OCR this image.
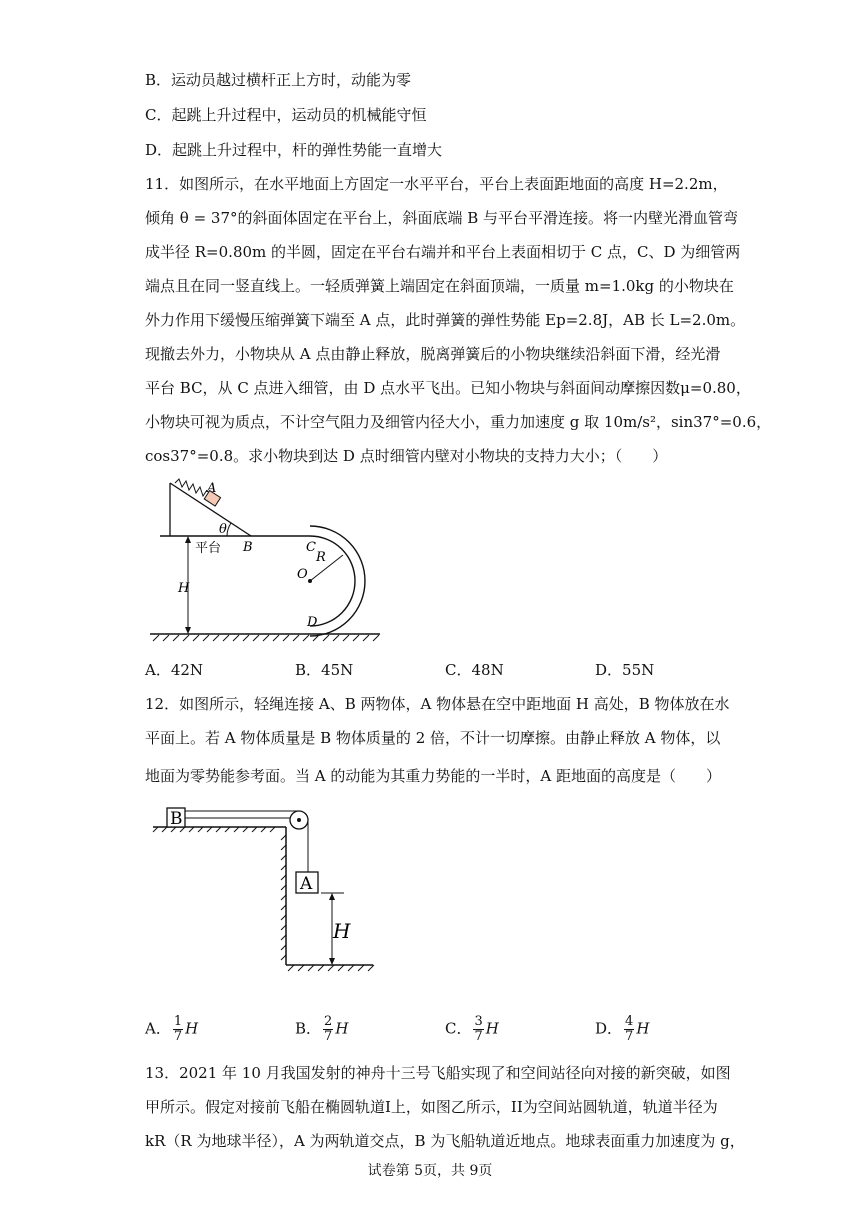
B．运动员越过横杆正上方时，动能为零
C．起跳上升过程中，运动员的机械能守恒
D．起跳上升过程中，杆的弹性势能一直增大
11．如图所示，在水平地面上方固定一水平平台，平台上表面距地面的高度 H=2.2m，
倾角 θ = 37°的斜面体固定在平台上，斜面底端 B 与平台平滑连接。将一内壁光滑血管弯
成半径 R=0.80m 的半圆，固定在平台右端并和平台上表面相切于 C 点，C、D 为细管两
端点且在同一竖直线上。一轻质弹簧上端固定在斜面顶端，一质量 m=1.0kg 的小物块在
外力作用下缓慢压缩弹簧下端至 A 点，此时弹簧的弹性势能 Ep=2.8J，AB 长 L=2.0m。
现撤去外力，小物块从 A 点由静止释放，脱离弹簧后的小物块继续沿斜面下滑，经光滑
平台 BC，从 C 点进入细管，由 D 点水平飞出。已知小物块与斜面间动摩擦因数μ=0.80，
小物块可视为质点，不计空气阻力及细管内径大小，重力加速度 g 取 10m/s²，sin37°=0.6，
cos37°=0.8。求小物块到达 D 点时细管内壁对小物块的支持力大小；（　　）
12．如图所示，轻绳连接 A、B 两物体，A 物体悬在空中距地面 H 高处，B 物体放在水
平面上。若 A 物体质量是 B 物体质量的 2 倍，不计一切摩擦。由静止释放 A 物体，以
地面为零势能参考面。当 A 的动能为其重力势能的一半时，A 距地面的高度是（　　）
13．2021 年 10 月我国发射的神舟十三号飞船实现了和空间站径向对接的新突破，如图
甲所示。假定对接前飞船在椭圆轨道I上，如图乙所示，II为空间站圆轨道，轨道半径为
kR（R 为地球半径），A 为两轨道交点，B 为飞船轨道近地点。地球表面重力加速度为 g，
A
θ
B
平台	C
R
O
H
D
A．42N	B．45N	C．48N	D．55N
B
A
H
A． $\frac{1}{7}$ H	B． $\frac{2}{7}$ H	C． $\frac{3}{7}$ H	D． $\frac{4}{7}$ H
试卷第 5页，共 9页
